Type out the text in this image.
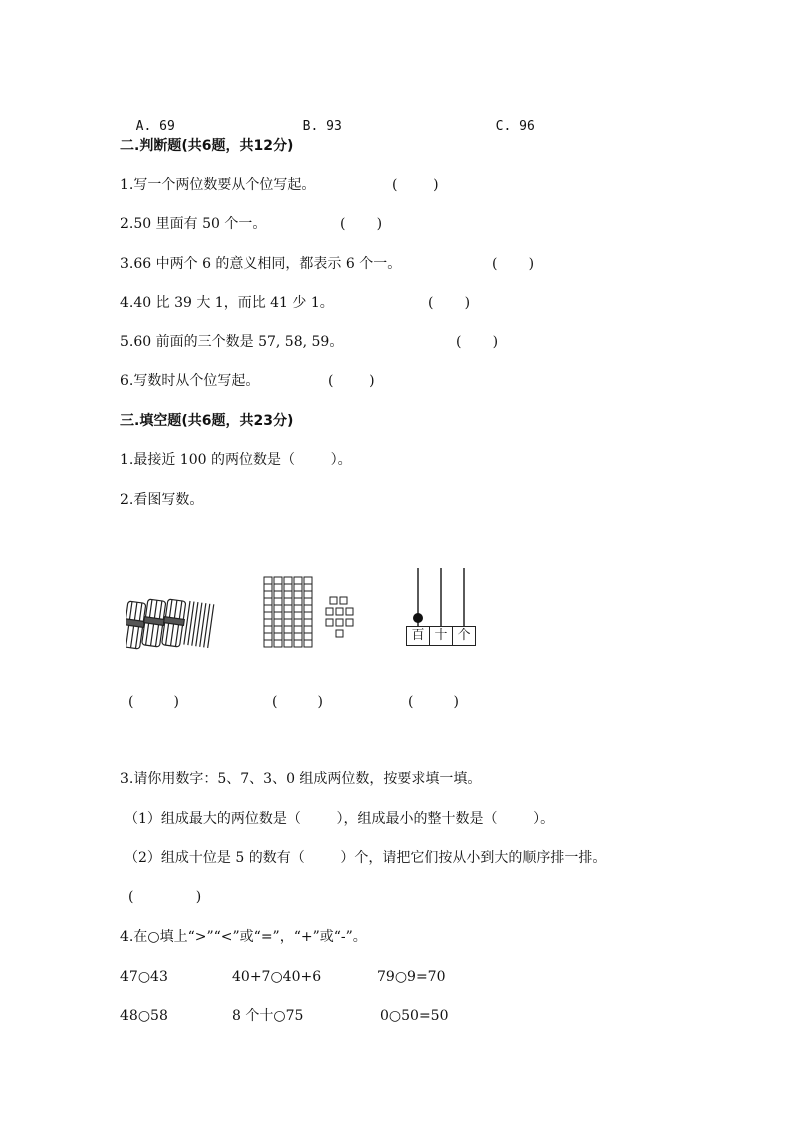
A. 69	B. 93	C. 96

二.判断题(共6题，共12分)
1.写一个两位数要从个位写起。	(        )
2.50 里面有 50 个一。	(       )
3.66 中两个 6 的意义相同，都表示 6 个一。	(       )
4.40 比 39 大 1，而比 41 少 1。	(       )
5.60 前面的三个数是 57, 58, 59。	(       )
6.写数时从个位写起。	(        )
三.填空题(共6题，共23分)
1.最接近 100 的两位数是（        ）。
2.看图写数。
百 十 个
(         )	(         )	(         )
3.请你用数字：5、7、3、0 组成两位数，按要求填一填。
（1）组成最大的两位数是（        ），组成最小的整十数是（        ）。
（2）组成十位是 5 的数有（        ）个，请把它们按从小到大的顺序排一排。
(              )
4.在○填上“>”“<”或“=”，“+”或“-”。
47○43	40+7○40+6	79○9=70
48○58	8 个十○75	0○50=50
